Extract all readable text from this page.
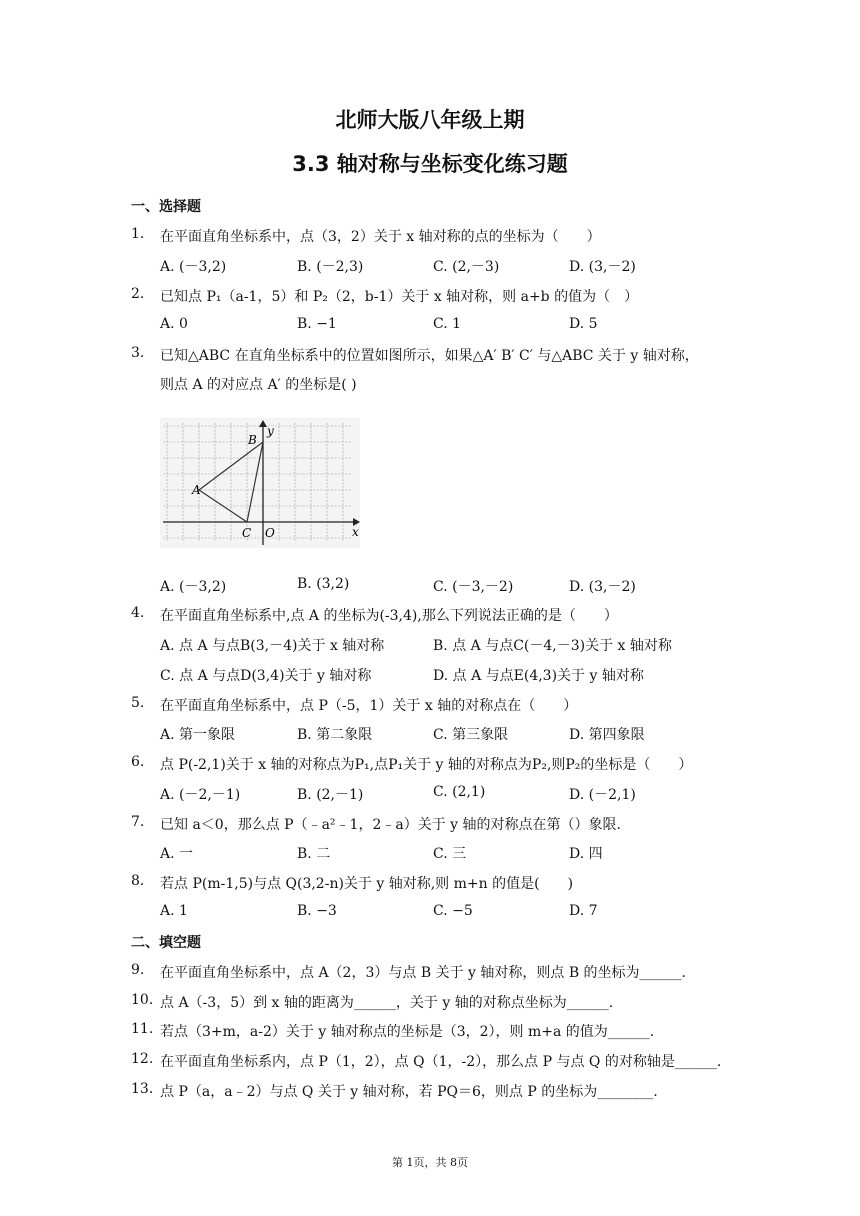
北师大版八年级上期
3.3 轴对称与坐标变化练习题
一、选择题
1. 在平面直角坐标系中，点（3，2）关于 x 轴对称的点的坐标为（　　）
A. (－3,2)	B. (－2,3)	C. (2,－3)	D. (3,－2)
2. 已知点 P₁（a-1，5）和 P₂（2，b-1）关于 x 轴对称，则 a+b 的值为（　）
A. 0	B. −1	C. 1	D. 5
3. 已知△ABC 在直角坐标系中的位置如图所示，如果△A′ B′ C′ 与△ABC 关于 y 轴对称，
则点 A 的对应点 A′ 的坐标是( )
A
B
C O
y
x
A. (－3,2)	B. (3,2)	C. (－3,－2)	D. (3,－2)
4. 在平面直角坐标系中,点 A 的坐标为(-3,4),那么下列说法正确的是（　　）
A. 点 A 与点B(3,－4)关于 x 轴对称	B. 点 A 与点C(－4,－3)关于 x 轴对称
C. 点 A 与点D(3,4)关于 y 轴对称	D. 点 A 与点E(4,3)关于 y 轴对称
5. 在平面直角坐标系中，点 P（-5，1）关于 x 轴的对称点在（　　）
A. 第一象限	B. 第二象限	C. 第三象限	D. 第四象限
6. 点 P(-2,1)关于 x 轴的对称点为P₁,点P₁关于 y 轴的对称点为P₂,则P₂的坐标是（　　）
A. (－2,－1)	B. (2,－1)	C. (2,1)	D. (－2,1)
7. 已知 a＜0，那么点 P（﹣a²﹣1，2﹣a）关于 y 轴的对称点在第（）象限.
A. 一	B. 二	C. 三	D. 四
8. 若点 P(m-1,5)与点 Q(3,2-n)关于 y 轴对称,则 m+n 的值是(　　)
A. 1	B. −3	C. −5	D. 7
二、填空题
9. 在平面直角坐标系中，点 A（2，3）与点 B 关于 y 轴对称，则点 B 的坐标为______.
10. 点 A（-3，5）到 x 轴的距离为______，关于 y 轴的对称点坐标为______.
11. 若点（3+m，a-2）关于 y 轴对称点的坐标是（3，2），则 m+a 的值为______.
12. 在平面直角坐标系内，点 P（1，2），点 Q（1，-2），那么点 P 与点 Q 的对称轴是______.
13. 点 P（a，a﹣2）与点 Q 关于 y 轴对称，若 PQ＝6，则点 P 的坐标为________.
第 1页，共 8页
